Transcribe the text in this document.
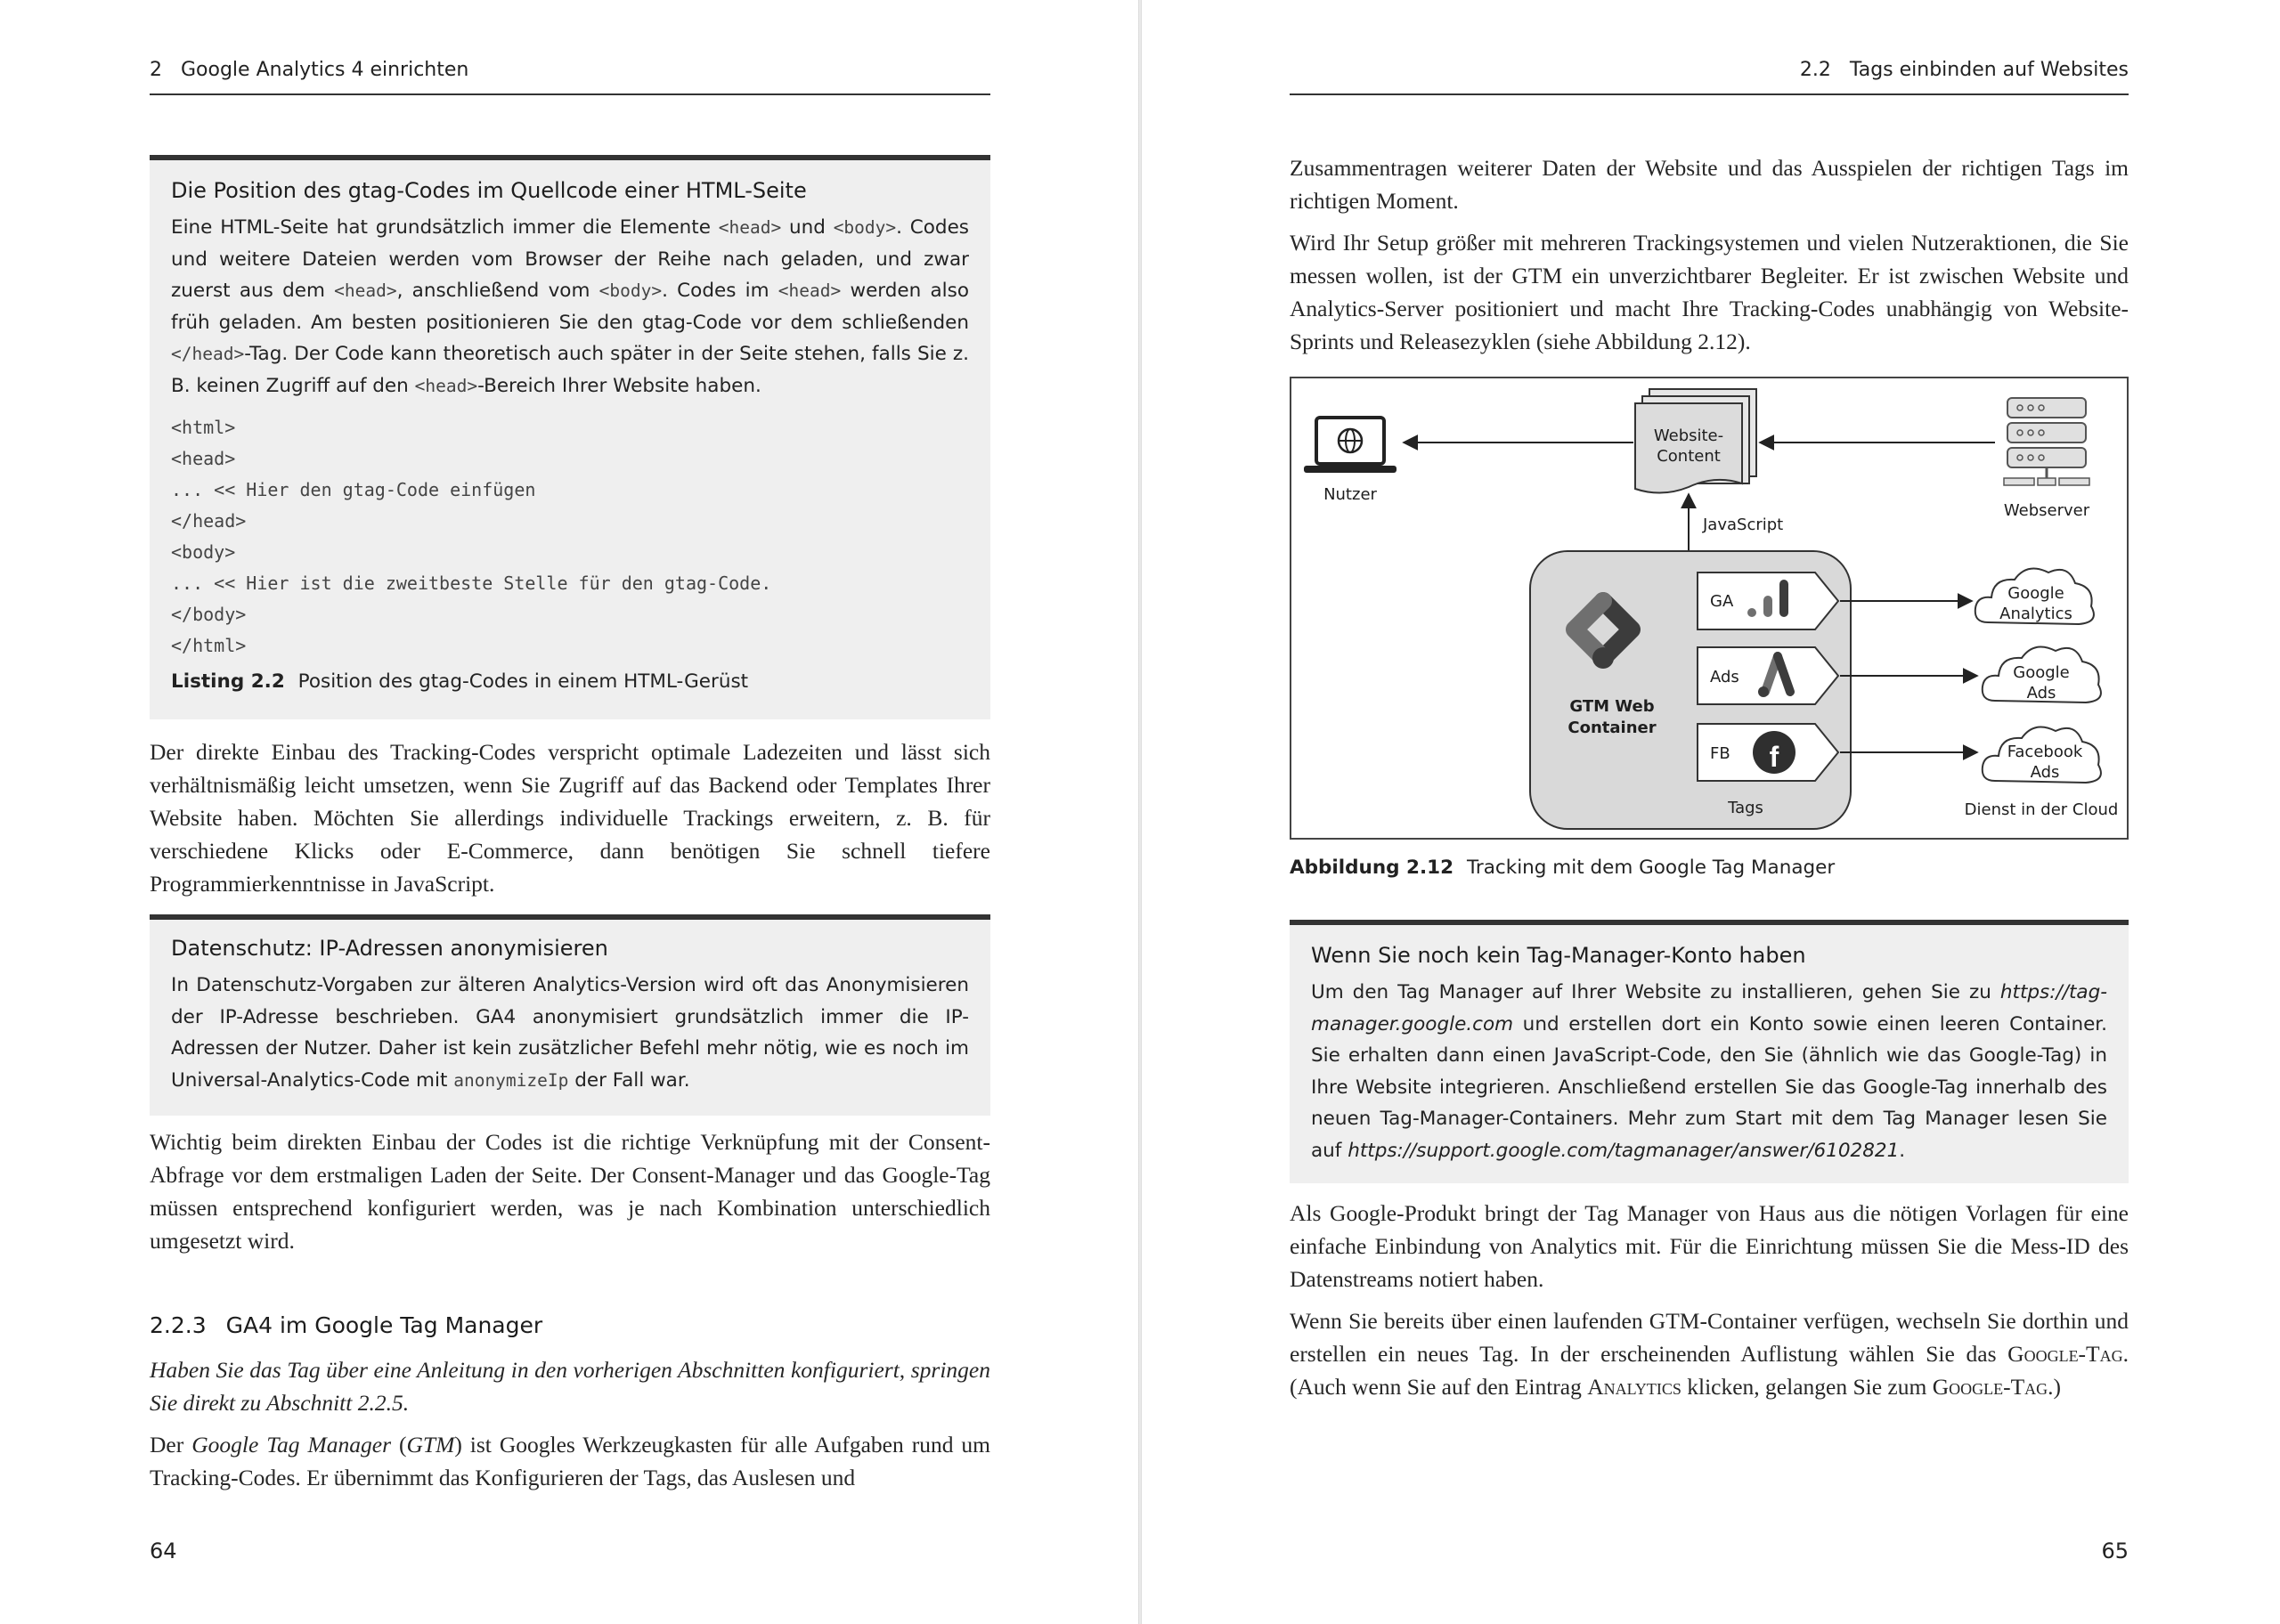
2 Google Analytics 4 einrichten
Die Position des gtag-Codes im Quellcode einer HTML-Seite
Eine HTML-Seite hat grundsätzlich immer die Elemente <head> und <body>. Codes und weitere Dateien werden vom Browser der Reihe nach geladen, und zwar zuerst aus dem <head>, anschließend vom <body>. Codes im <head> werden also früh geladen. Am besten positionieren Sie den gtag-Code vor dem schließenden </head>-Tag. Der Code kann theoretisch auch später in der Seite stehen, falls Sie z. B. keinen Zugriff auf den <head>-Bereich Ihrer Website haben.
<html>
<head>
... << Hier den gtag-Code einfügen
</head>
<body>
... << Hier ist die zweitbeste Stelle für den gtag-Code.
</body>
</html>
Listing 2.2 Position des gtag-Codes in einem HTML-Gerüst

Der direkte Einbau des Tracking-Codes verspricht optimale Ladezeiten und lässt sich verhältnismäßig leicht umsetzen, wenn Sie Zugriff auf das Backend oder Templates Ihrer Website haben. Möchten Sie allerdings individuelle Trackings erweitern, z. B. für verschiedene Klicks oder E-Commerce, dann benötigen Sie schnell tiefere Programmierkenntnisse in JavaScript.

Datenschutz: IP-Adressen anonymisieren
In Datenschutz-Vorgaben zur älteren Analytics-Version wird oft das Anonymisieren der IP-Adresse beschrieben. GA4 anonymisiert grundsätzlich immer die IP-Adressen der Nutzer. Daher ist kein zusätzlicher Befehl mehr nötig, wie es noch im Universal-Analytics-Code mit anonymizeIp der Fall war.

Wichtig beim direkten Einbau der Codes ist die richtige Verknüpfung mit der Consent-Abfrage vor dem erstmaligen Laden der Seite. Der Consent-Manager und das Google-Tag müssen entsprechend konfiguriert werden, was je nach Kombination unterschiedlich umgesetzt wird.

2.2.3 GA4 im Google Tag Manager

Haben Sie das Tag über eine Anleitung in den vorherigen Abschnitten konfiguriert, springen Sie direkt zu Abschnitt 2.2.5.

Der Google Tag Manager (GTM) ist Googles Werkzeugkasten für alle Aufgaben rund um Tracking-Codes. Er übernimmt das Konfigurieren der Tags, das Auslesen und

64
2.2 Tags einbinden auf Websites

Zusammentragen weiterer Daten der Website und das Ausspielen der richtigen Tags im richtigen Moment.

Wird Ihr Setup größer mit mehreren Trackingsystemen und vielen Nutzeraktionen, die Sie messen wollen, ist der GTM ein unverzichtbarer Begleiter. Er ist zwischen Website und Analytics-Server positioniert und macht Ihre Tracking-Codes unabhängig von Website-Sprints und Releasezyklen (siehe Abbildung 2.12).

Nutzer
Website-
Content
Webserver
JavaScript
GTM Web
Container
GA
Ads
f
FB
Tags
Google
Analytics
Google
Ads
Facebook
Ads
Dienst in der Cloud
Abbildung 2.12 Tracking mit dem Google Tag Manager
Wenn Sie noch kein Tag-Manager-Konto haben
Um den Tag Manager auf Ihrer Website zu installieren, gehen Sie zu https://tag-manager.google.com und erstellen dort ein Konto sowie einen leeren Container. Sie erhalten dann einen JavaScript-Code, den Sie (ähnlich wie das Google-Tag) in Ihre Website integrieren. Anschließend erstellen Sie das Google-Tag innerhalb des neuen Tag-Manager-Containers. Mehr zum Start mit dem Tag Manager lesen Sie auf https://support.google.com/tagmanager/answer/6102821.

Als Google-Produkt bringt der Tag Manager von Haus aus die nötigen Vorlagen für eine einfache Einbindung von Analytics mit. Für die Einrichtung müssen Sie die Mess-ID des Datenstreams notiert haben.

Wenn Sie bereits über einen laufenden GTM-Container verfügen, wechseln Sie dorthin und erstellen ein neues Tag. In der erscheinenden Auflistung wählen Sie das Google-Tag. (Auch wenn Sie auf den Eintrag Analytics klicken, gelangen Sie zum Google-Tag.)

65
